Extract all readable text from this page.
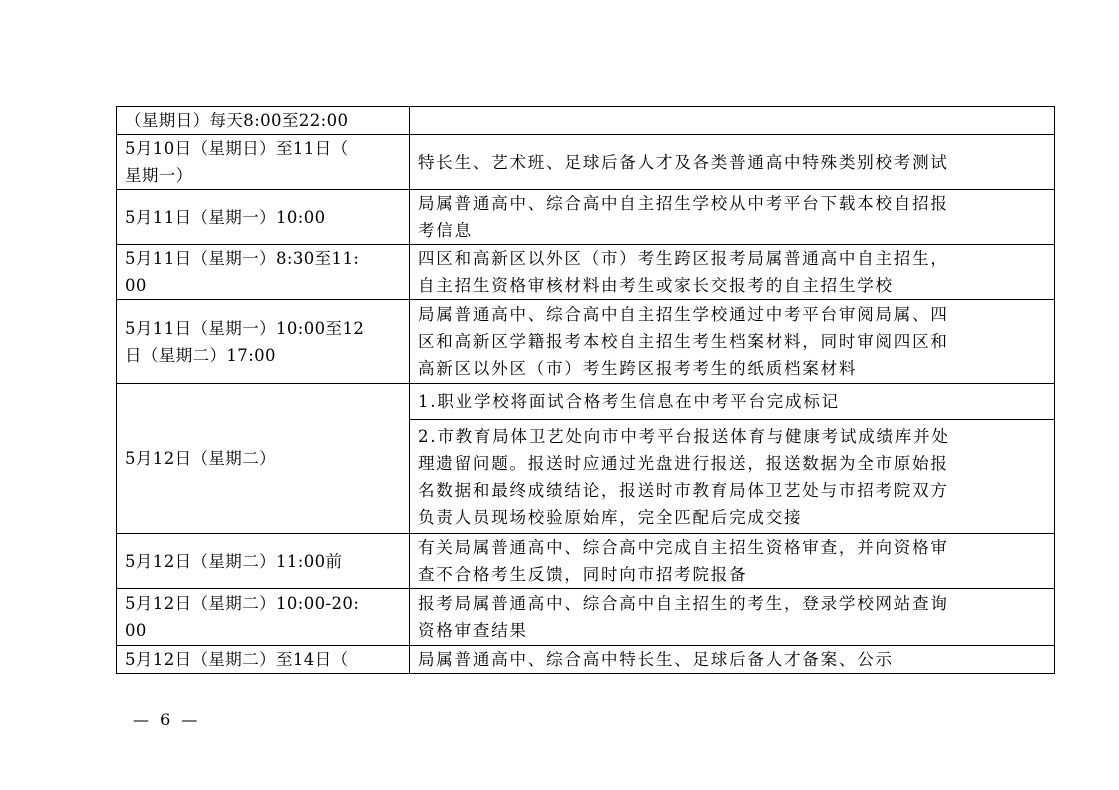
（星期日）每天8:00至22:00	

5月10日（星期日）至11日（
星期一）	特长生、艺术班、足球后备人才及各类普通高中特殊类别校考测试

5月11日（星期一）10:00	局属普通高中、综合高中自主招生学校从中考平台下载本校自招报
考信息

5月11日（星期一）8:30至11:
00	四区和高新区以外区（市）考生跨区报考局属普通高中自主招生，
自主招生资格审核材料由考生或家长交报考的自主招生学校

5月11日（星期一）10:00至12
日（星期二）17:00	局属普通高中、综合高中自主招生学校通过中考平台审阅局属、四
区和高新区学籍报考本校自主招生考生档案材料，同时审阅四区和
高新区以外区（市）考生跨区报考考生的纸质档案材料

5月12日（星期二）	1.职业学校将面试合格考生信息在中考平台完成标记

	2.市教育局体卫艺处向市中考平台报送体育与健康考试成绩库并处
理遗留问题。报送时应通过光盘进行报送，报送数据为全市原始报
名数据和最终成绩结论，报送时市教育局体卫艺处与市招考院双方
负责人员现场校验原始库，完全匹配后完成交接

5月12日（星期二）11:00前	有关局属普通高中、综合高中完成自主招生资格审查，并向资格审
查不合格考生反馈，同时向市招考院报备

5月12日（星期二）10:00-20:
00	报考局属普通高中、综合高中自主招生的考生，登录学校网站查询
资格审查结果

5月12日（星期二）至14日（	局属普通高中、综合高中特长生、足球后备人才备案、公示
— 6 —
